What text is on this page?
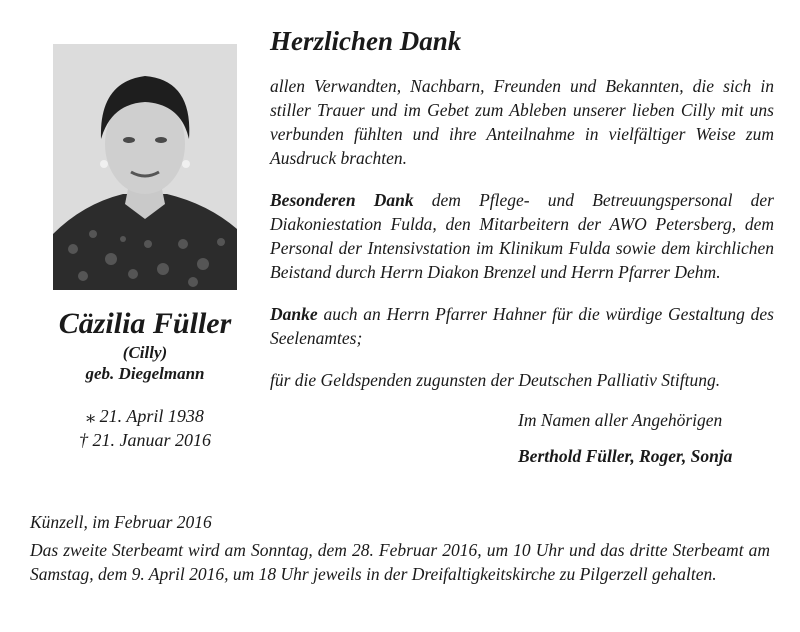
Cäzilia Füller
(Cilly)
geb. Diegelmann
⁎ 21. April 1938
† 21. Januar 2016
Herzlichen Dank

allen Verwandten, Nachbarn, Freunden und Bekannten, die sich in stiller Trauer und im Gebet zum Ableben unserer lieben Cilly mit uns verbunden fühlten und ihre Anteilnahme in vielfältiger Weise zum Ausdruck brachten.

Besonderen Dank dem Pflege- und Betreuungspersonal der Diakoniestation Fulda, den Mitarbeitern der AWO Petersberg, dem Personal der Intensivstation im Klinikum Fulda sowie dem kirchlichen Beistand durch Herrn Diakon Brenzel und Herrn Pfarrer Dehm.

Danke auch an Herrn Pfarrer Hahner für die würdige Gestaltung des Seelenamtes;

für die Geldspenden zugunsten der Deutschen Palliativ Stiftung.

Im Namen aller Angehörigen
Berthold Füller, Roger, Sonja
Künzell, im Februar 2016
Das zweite Sterbeamt wird am Sonntag, dem 28. Februar 2016, um 10 Uhr und das dritte Sterbeamt am Samstag, dem 9. April 2016, um 18 Uhr jeweils in der Dreifaltigkeitskirche zu Pilgerzell gehalten.
